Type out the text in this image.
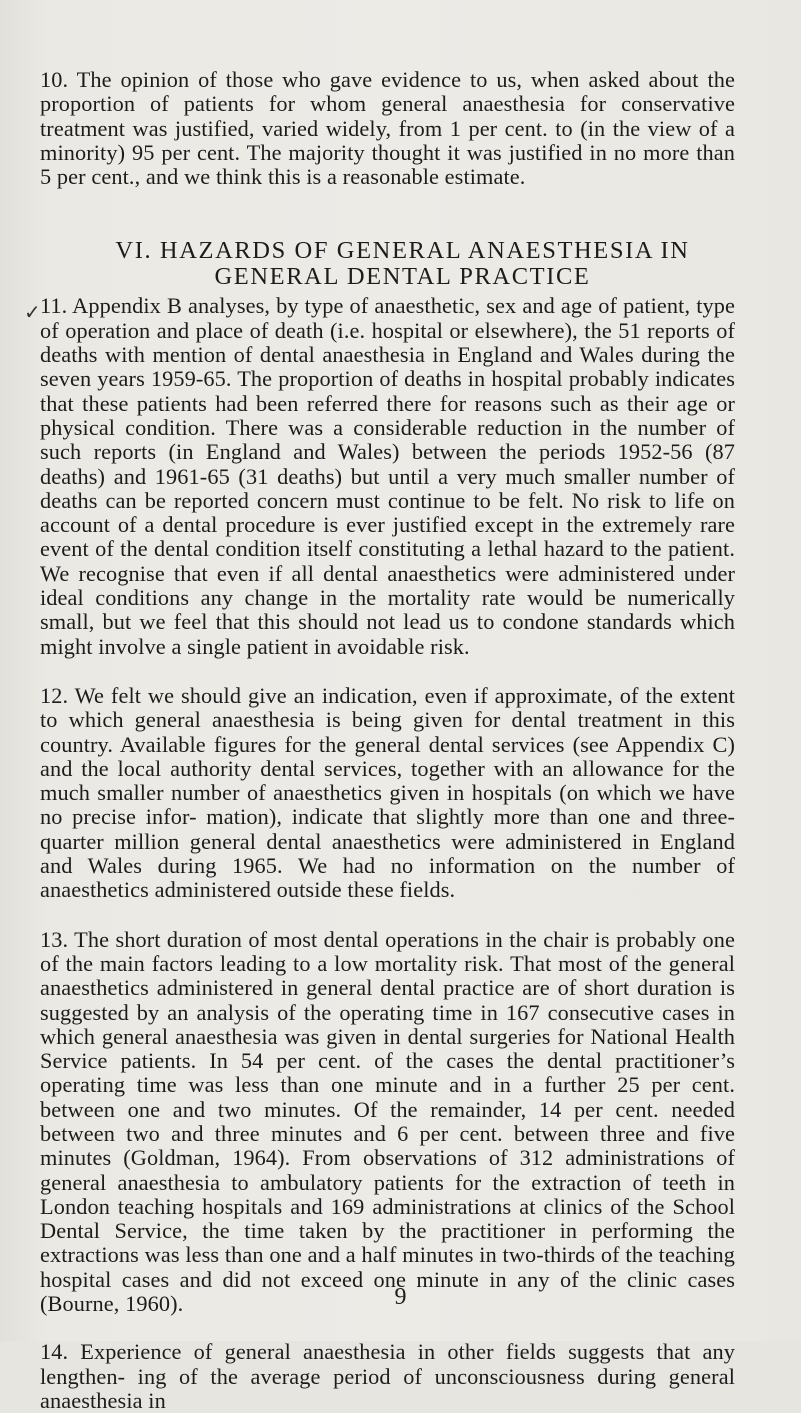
✓

10. The opinion of those who gave evidence to us, when asked about the proportion of patients for whom general anaesthesia for conservative treatment was justified, varied widely, from 1 per cent. to (in the view of a minority) 95 per cent. The majority thought it was justified in no more than 5 per cent., and we think this is a reasonable estimate.

VI. HAZARDS OF GENERAL ANAESTHESIA IN
GENERAL DENTAL PRACTICE

11. Appendix B analyses, by type of anaesthetic, sex and age of patient, type of operation and place of death (i.e. hospital or elsewhere), the 51 reports of deaths with mention of dental anaesthesia in England and Wales during the seven years 1959-65. The proportion of deaths in hospital probably indicates that these patients had been referred there for reasons such as their age or physical condition. There was a considerable reduction in the number of such reports (in England and Wales) between the periods 1952-56 (87 deaths) and 1961-65 (31 deaths) but until a very much smaller number of deaths can be reported concern must continue to be felt. No risk to life on account of a dental procedure is ever justified except in the extremely rare event of the dental condition itself constituting a lethal hazard to the patient. We recognise that even if all dental anaesthetics were administered under ideal conditions any change in the mortality rate would be numerically small, but we feel that this should not lead us to condone standards which might involve a single patient in avoidable risk.

12. We felt we should give an indication, even if approximate, of the extent to which general anaesthesia is being given for dental treatment in this country. Available figures for the general dental services (see Appendix C) and the local authority dental services, together with an allowance for the much smaller number of anaesthetics given in hospitals (on which we have no precise infor- mation), indicate that slightly more than one and three-quarter million general dental anaesthetics were administered in England and Wales during 1965. We had no information on the number of anaesthetics administered outside these fields.

13. The short duration of most dental operations in the chair is probably one of the main factors leading to a low mortality risk. That most of the general anaesthetics administered in general dental practice are of short duration is suggested by an analysis of the operating time in 167 consecutive cases in which general anaesthesia was given in dental surgeries for National Health Service patients. In 54 per cent. of the cases the dental practitioner’s operating time was less than one minute and in a further 25 per cent. between one and two minutes. Of the remainder, 14 per cent. needed between two and three minutes and 6 per cent. between three and five minutes (Goldman, 1964). From observations of 312 administrations of general anaesthesia to ambulatory patients for the extraction of teeth in London teaching hospitals and 169 administrations at clinics of the School Dental Service, the time taken by the practitioner in performing the extractions was less than one and a half minutes in two-thirds of the teaching hospital cases and did not exceed one minute in any of the clinic cases (Bourne, 1960).

14. Experience of general anaesthesia in other fields suggests that any lengthen- ing of the average period of unconsciousness during general anaesthesia in

9
